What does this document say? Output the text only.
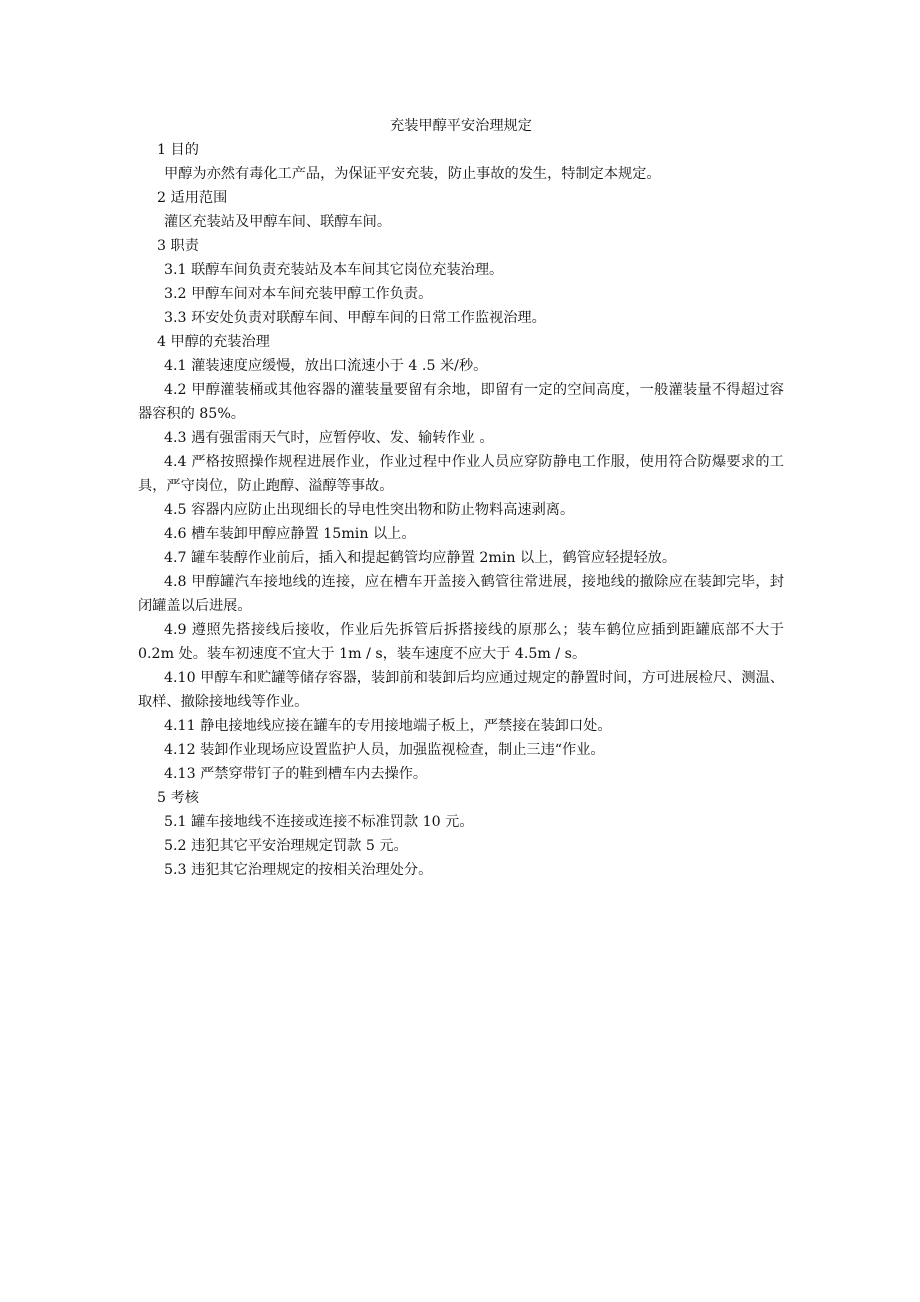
充装甲醇平安治理规定
1 目的
甲醇为亦然有毒化工产品，为保证平安充装，防止事故的发生，特制定本规定。
2 适用范围
灌区充装站及甲醇车间、联醇车间。
3 职责
3.1 联醇车间负责充装站及本车间其它岗位充装治理。
3.2 甲醇车间对本车间充装甲醇工作负责。
3.3 环安处负责对联醇车间、甲醇车间的日常工作监视治理。
4 甲醇的充装治理
4.1 灌装速度应缓慢，放出口流速小于 4 .5 米/秒。
4.2 甲醇灌装桶或其他容器的灌装量要留有余地，即留有一定的空间高度，一般灌装量不得超过容器容积的 85%。
4.3 遇有强雷雨天气时，应暂停收、发、输转作业 。
4.4 严格按照操作规程进展作业，作业过程中作业人员应穿防静电工作服，使用符合防爆要求的工具，严守岗位，防止跑醇、溢醇等事故。
4.5 容器内应防止出现细长的导电性突出物和防止物料高速剥离。
4.6 槽车装卸甲醇应静置 15min 以上。
4.7 罐车装醇作业前后，插入和提起鹤管均应静置 2min 以上，鹤管应轻提轻放。
4.8 甲醇罐汽车接地线的连接，应在槽车开盖接入鹤管往常进展，接地线的撤除应在装卸完毕，封闭罐盖以后进展。
4.9 遵照先搭接线后接收，作业后先拆管后拆搭接线的原那么；装车鹤位应插到距罐底部不大于 0.2m 处。装车初速度不宜大于 1m / s，装车速度不应大于 4.5m / s。
4.10 甲醇车和贮罐等储存容器，装卸前和装卸后均应通过规定的静置时间，方可进展检尺、测温、取样、撤除接地线等作业。
4.11 静电接地线应接在罐车的专用接地端子板上，严禁接在装卸口处。
4.12 装卸作业现场应设置监护人员，加强监视检查，制止三违“作业。
4.13 严禁穿带钉子的鞋到槽车内去操作。
5 考核
5.1 罐车接地线不连接或连接不标准罚款 10 元。
5.2 违犯其它平安治理规定罚款 5 元。
5.3 违犯其它治理规定的按相关治理处分。
